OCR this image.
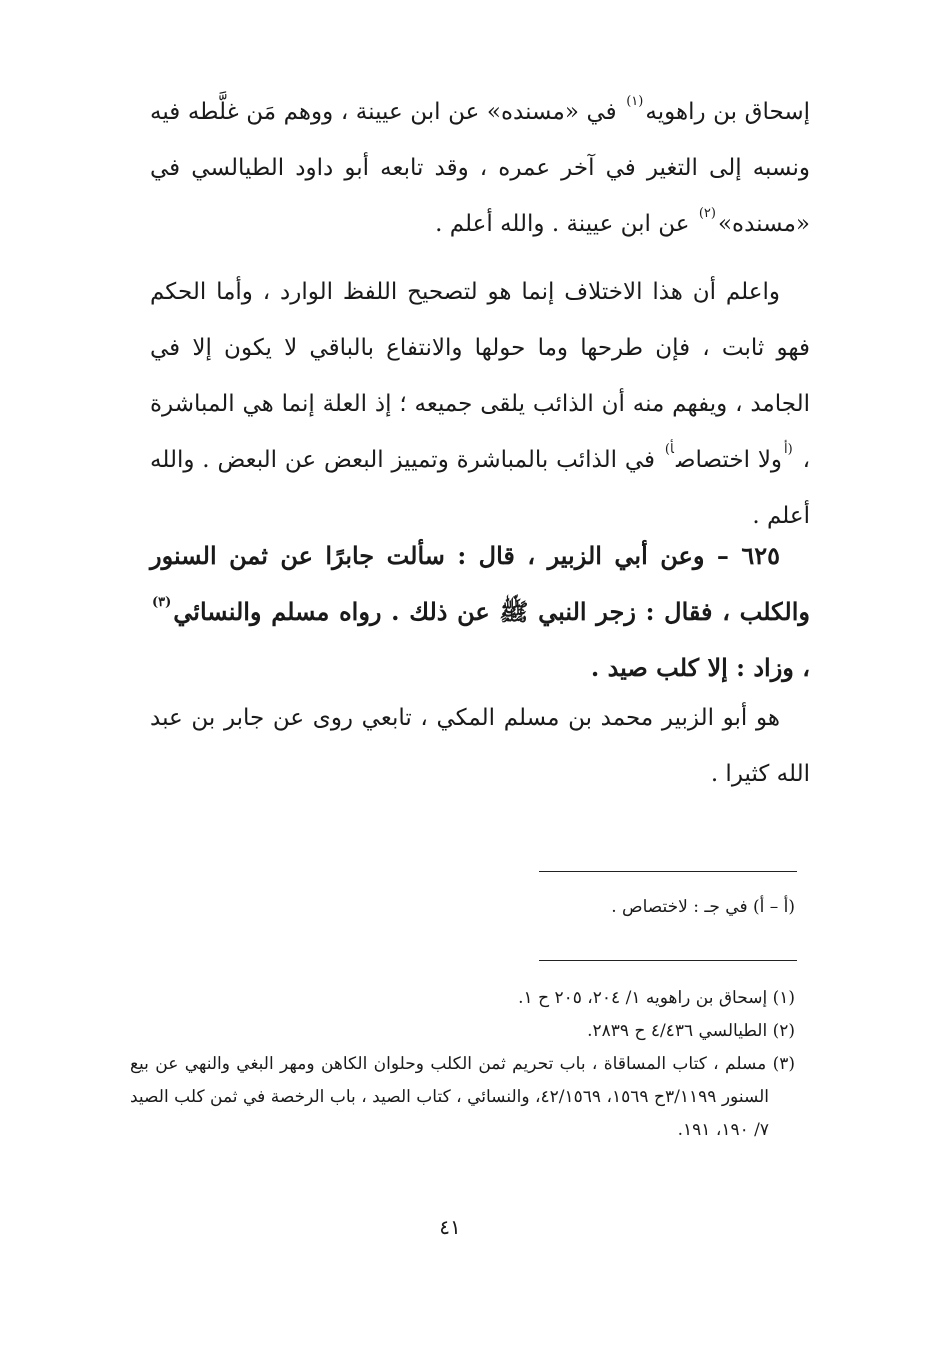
إسحاق بن راهويه$^{(١)}$ في «مسنده» عن ابن عيينة ، ووهم مَن غلَّطه فيه ونسبه إلى التغير في آخر عمره ، وقد تابعه أبو داود الطيالسي في «مسنده»$^{(٢)}$ عن ابن عيينة . والله أعلم .

واعلم أن هذا الاختلاف إنما هو لتصحيح اللفظ الوارد ، وأما الحكم فهو ثابت ، فإن طرحها وما حولها والانتفاع بالباقي لا يكون إلا في الجامد ، ويفهم منه أن الذائب يلقى جميعه ؛ إذ العلة إنما هي المباشرة ، $^{(أ}$ولا اختصاص$^{أ)}$ في الذائب بالمباشرة وتمييز البعض عن البعض . والله أعلم .

٦٢٥ – وعن أبي الزبير ، قال : سألت جابرًا عن ثمن السنور والكلب ، فقال : زجر النبي ﷺ عن ذلك . رواه مسلم والنسائي$^{(٣)}$ ، وزاد : إلا كلب صيد .

هو أبو الزبير محمد بن مسلم المكي ، تابعي روى عن جابر بن عبد الله كثيرا .

(أ – أ) في جـ : لاختصاص .
(١) إسحاق بن راهويه ١/ ٢٠٤، ٢٠٥ ح ١.
(٢) الطيالسي ٤/٤٣٦ ح ٢٨٣٩.
(٣) مسلم ، كتاب المساقاة ، باب تحريم ثمن الكلب وحلوان الكاهن ومهر البغي والنهي عن بيع السنور ٣/١١٩٩ح ١٥٦٩، ٤٢/١٥٦٩، والنسائي ، كتاب الصيد ، باب الرخصة في ثمن كلب الصيد ٧/ ١٩٠، ١٩١.
٤١
